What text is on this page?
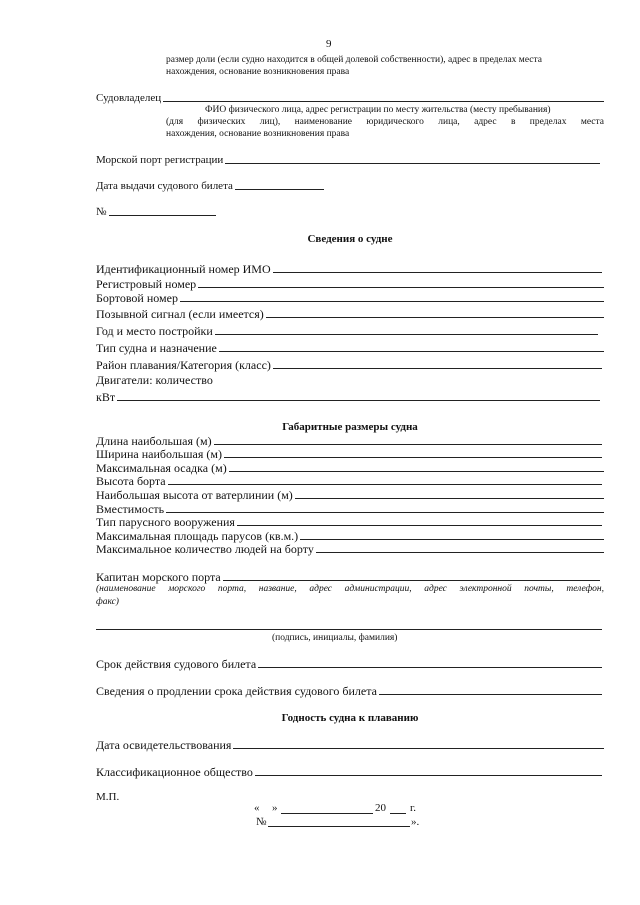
9
размер доли (если судно находится в общей долевой собственности), адрес в пределах места
нахождения, основание возникновения права
Судовладелец
ФИО физического лица, адрес регистрации по месту жительства (месту пребывания)
(для физических лиц), наименование юридического лица, адрес в пределах места
нахождения, основание возникновения права
Морской порт регистрации
Дата выдачи судового билета
№
Сведения о судне
Идентификационный номер ИМО
Регистровый номер
Бортовой номер
Позывной сигнал (если имеется)
Год и место постройки
Тип судна и назначение
Район плавания/Категория (класс)
Двигатели: количество
кВт
Габаритные размеры судна
Длина наибольшая (м)
Ширина наибольшая (м)
Максимальная осадка (м)
Высота борта
Наибольшая высота от ватерлинии (м)
Вместимость
Тип парусного вооружения
Максимальная площадь парусов (кв.м.)
Максимальное количество людей на борту
Капитан морского порта
(наименование морского порта, название, адрес администрации, адрес электронной почты, телефон,
факс)
(подпись, инициалы, фамилия)
Срок действия судового билета
Сведения о продлении срока действия судового билета
Годность судна к плаванию
Дата освидетельствования
Классификационное общество
М.П.
« »	20 г.
№	».
